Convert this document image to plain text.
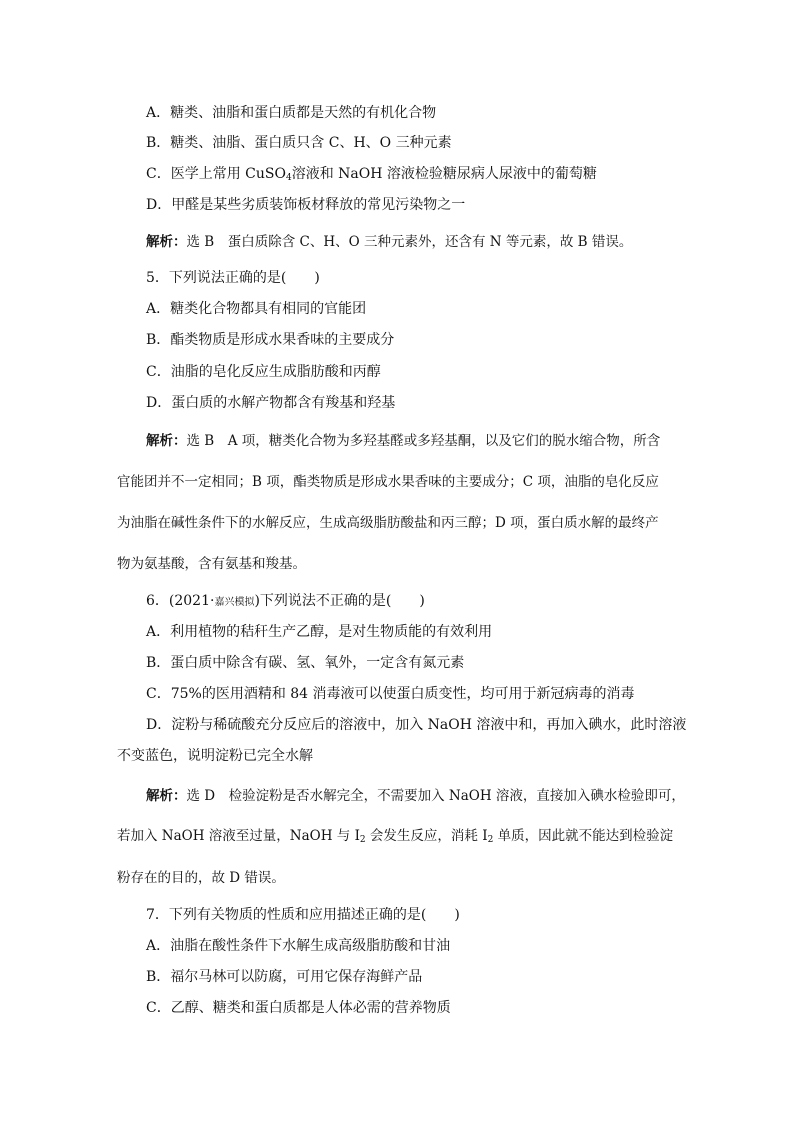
A．糖类、油脂和蛋白质都是天然的有机化合物
B．糖类、油脂、蛋白质只含 C、H、O 三种元素
C．医学上常用 CuSO$_4$溶液和 NaOH 溶液检验糖尿病人尿液中的葡萄糖
D．甲醛是某些劣质装饰板材释放的常见污染物之一
解析：选 B　蛋白质除含 C、H、O 三种元素外，还含有 N 等元素，故 B 错误。
5．下列说法正确的是(　　)
A．糖类化合物都具有相同的官能团
B．酯类物质是形成水果香味的主要成分
C．油脂的皂化反应生成脂肪酸和丙醇
D．蛋白质的水解产物都含有羧基和羟基
解析：选 B　A 项，糖类化合物为多羟基醛或多羟基酮，以及它们的脱水缩合物，所含
官能团并不一定相同；B 项，酯类物质是形成水果香味的主要成分；C 项，油脂的皂化反应
为油脂在碱性条件下的水解反应，生成高级脂肪酸盐和丙三醇；D 项，蛋白质水解的最终产
物为氨基酸，含有氨基和羧基。
6．(2021·嘉兴模拟)下列说法不正确的是(　　)
A．利用植物的秸秆生产乙醇，是对生物质能的有效利用
B．蛋白质中除含有碳、氢、氧外，一定含有氮元素
C．75%的医用酒精和 84 消毒液可以使蛋白质变性，均可用于新冠病毒的消毒
D．淀粉与稀硫酸充分反应后的溶液中，加入 NaOH 溶液中和，再加入碘水，此时溶液
不变蓝色，说明淀粉已完全水解
解析：选 D　检验淀粉是否水解完全，不需要加入 NaOH 溶液，直接加入碘水检验即可，
若加入 NaOH 溶液至过量，NaOH 与 $I_2$ 会发生反应，消耗 $I_2$ 单质，因此就不能达到检验淀
粉存在的目的，故 D 错误。
7．下列有关物质的性质和应用描述正确的是(　　)
A．油脂在酸性条件下水解生成高级脂肪酸和甘油
B．福尔马林可以防腐，可用它保存海鲜产品
C．乙醇、糖类和蛋白质都是人体必需的营养物质
